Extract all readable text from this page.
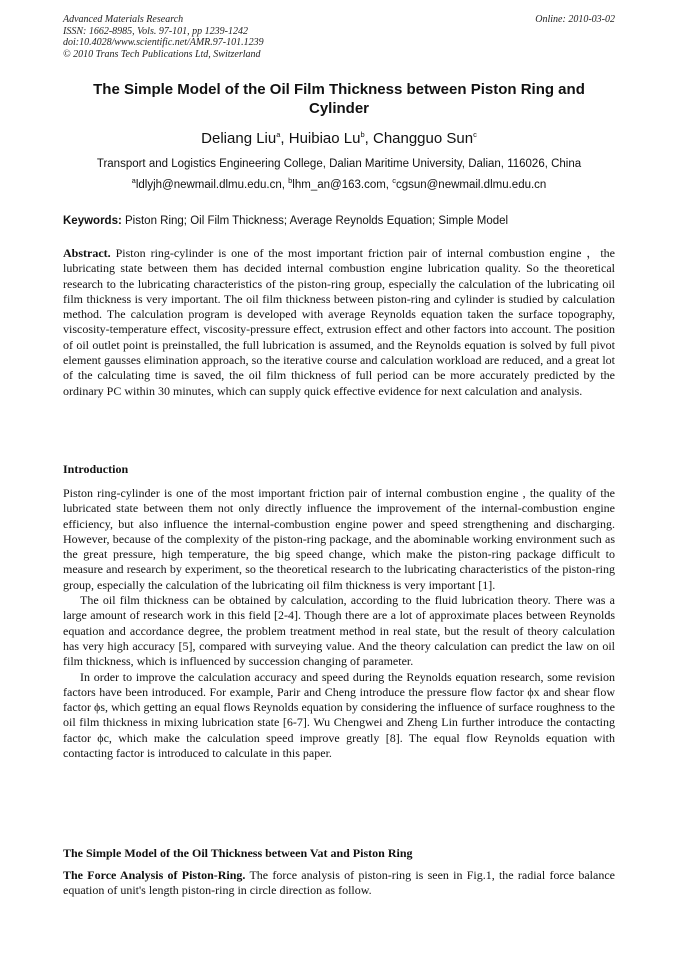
Advanced Materials Research
ISSN: 1662-8985, Vols. 97-101, pp 1239-1242
doi:10.4028/www.scientific.net/AMR.97-101.1239
© 2010 Trans Tech Publications Ltd, Switzerland
Online: 2010-03-02
The Simple Model of the Oil Film Thickness between Piston Ring and Cylinder
Deliang Liu$^a$, Huibiao Lu$^b$, Changguo Sun$^c$
Transport and Logistics Engineering College, Dalian Maritime University, Dalian, 116026, China
$^a$ldlyjh@newmail.dlmu.edu.cn, $^b$lhm_an@163.com, $^c$cgsun@newmail.dlmu.edu.cn
Keywords: Piston Ring; Oil Film Thickness; Average Reynolds Equation; Simple Model
Abstract. Piston ring-cylinder is one of the most important friction pair of internal combustion engine ，the lubricating state between them has decided internal combustion engine lubrication quality. So the theoretical research to the lubricating characteristics of the piston-ring group, especially the calculation of the lubricating oil film thickness is very important. The oil film thickness between piston-ring and cylinder is studied by calculation method. The calculation program is developed with average Reynolds equation taken the surface topography, viscosity-temperature effect, viscosity-pressure effect, extrusion effect and other factors into account. The position of oil outlet point is preinstalled, the full lubrication is assumed, and the Reynolds equation is solved by full pivot element gausses elimination approach, so the iterative course and calculation workload are reduced, and a great lot of the calculating time is saved, the oil film thickness of full period can be more accurately predicted by the ordinary PC within 30 minutes, which can supply quick effective evidence for next calculation and analysis.
Introduction

Piston ring-cylinder is one of the most important friction pair of internal combustion engine , the quality of the lubricated state between them not only directly influence the improvement of the internal-combustion engine efficiency, but also influence the internal-combustion engine power and speed strengthening and discharging. However, because of the complexity of the piston-ring package, and the abominable working environment such as the great pressure, high temperature, the big speed change, which make the piston-ring package difficult to measure and research by experiment, so the theoretical research to the lubricating characteristics of the piston-ring group, especially the calculation of the lubricating oil film thickness is very important [1].

The oil film thickness can be obtained by calculation, according to the fluid lubrication theory. There was a large amount of research work in this field [2-4]. Though there are a lot of approximate places between Reynolds equation and accordance degree, the problem treatment method in real state, but the result of theory calculation has very high accuracy [5], compared with surveying value. And the theory calculation can predict the law on oil film thickness, which is influenced by succession changing of parameter.

In order to improve the calculation accuracy and speed during the Reynolds equation research, some revision factors have been introduced. For example, Parir and Cheng introduce the pressure flow factor ϕx and shear flow factor ϕs, which getting an equal flows Reynolds equation by considering the influence of surface roughness to the oil film thickness in mixing lubrication state [6-7]. Wu Chengwei and Zheng Lin further introduce the contacting factor ϕc, which make the calculation speed improve greatly [8]. The equal flow Reynolds equation with contacting factor is introduced to calculate in this paper.

The Simple Model of the Oil Thickness between Vat and Piston Ring
The Force Analysis of Piston-Ring. The force analysis of piston-ring is seen in Fig.1, the radial force balance equation of unit's length piston-ring in circle direction as follow.
